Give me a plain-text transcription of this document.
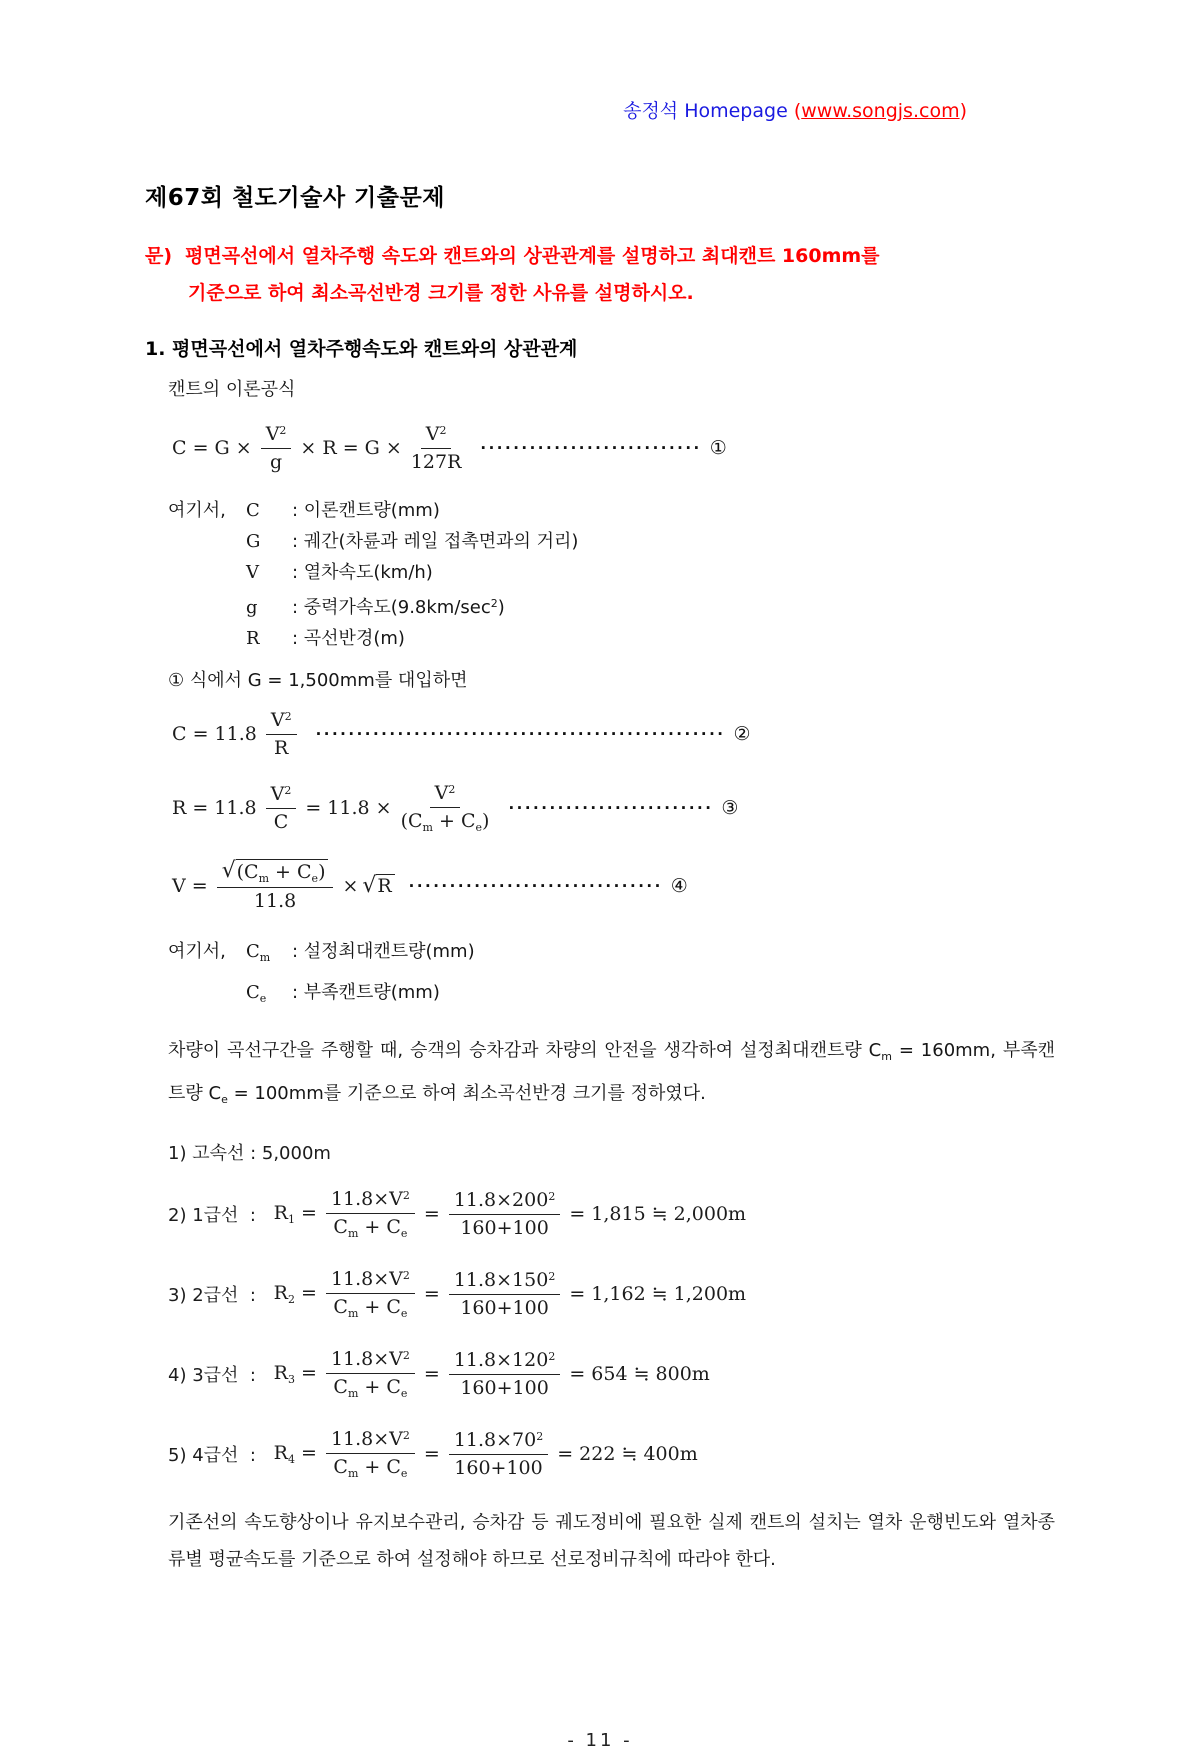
송정석 Homepage (www.songjs.com)
제67회 철도기술사 기출문제
문) 평면곡선에서 열차주행 속도와 캔트와의 상관관계를 설명하고 최대캔트 160mm를
기준으로 하여 최소곡선반경 크기를 정한 사유를 설명하시오.
1. 평면곡선에서 열차주행속도와 캔트와의 상관관계

캔트의 이론공식

$C = G \times \frac{V^2}{g} \times R = G \times \frac{V^2}{127R}$ ··························· ①
여기서,	C	: 이론캔트량(mm)
G	: 궤간(차륜과 레일 접촉면과의 거리)
V	: 열차속도(km/h)
g	: 중력가속도$(9.8km/\sec^2)$
R	: 곡선반경(m)

① 식에서 G = 1,500mm를 대입하면

$C = 11.8 \frac{V^2}{R}$ ·················································· ②
$R = 11.8 \frac{V^2}{C} = 11.8 \times \frac{V^2}{(C_m + C_e)}$ ························· ③
$V = \frac{√ (C_m + C_e)}{11.8}$ × √ R ······························· ④
여기서,	$C_m$	: 설정최대캔트량(mm)
$C_e$	: 부족캔트량(mm)

차량이 곡선구간을 주행할 때, 승객의 승차감과 차량의 안전을 생각하여 설정최대캔트량 $C_m = 160mm$, 부족캔트량 $C_e = 100mm$를 기준으로 하여 최소곡선반경 크기를 정하였다.

1) 고속선 : 5,000m
2) 1급선  : $R_1 = \frac{11.8\times V^2}{C_m + C_e} = \frac{11.8\times 200^2}{160+100} = 1,815$ ≒ 2,000m
3) 2급선  : $R_2 = \frac{11.8\times V^2}{C_m + C_e} = \frac{11.8\times 150^2}{160+100} = 1,162$ ≒ 1,200m
4) 3급선  : $R_3 = \frac{11.8\times V^2}{C_m + C_e} = \frac{11.8\times 120^2}{160+100} = 654$ ≒ 800m
5) 4급선  : $R_4 = \frac{11.8\times V^2}{C_m + C_e} = \frac{11.8\times 70^2}{160+100} = 222$ ≒ 400m

기존선의 속도향상이나 유지보수관리, 승차감 등 궤도정비에 필요한 실제 캔트의 설치는 열차 운행빈도와 열차종류별 평균속도를 기준으로 하여 설정해야 하므로 선로정비규칙에 따라야 한다.

- 11 -
